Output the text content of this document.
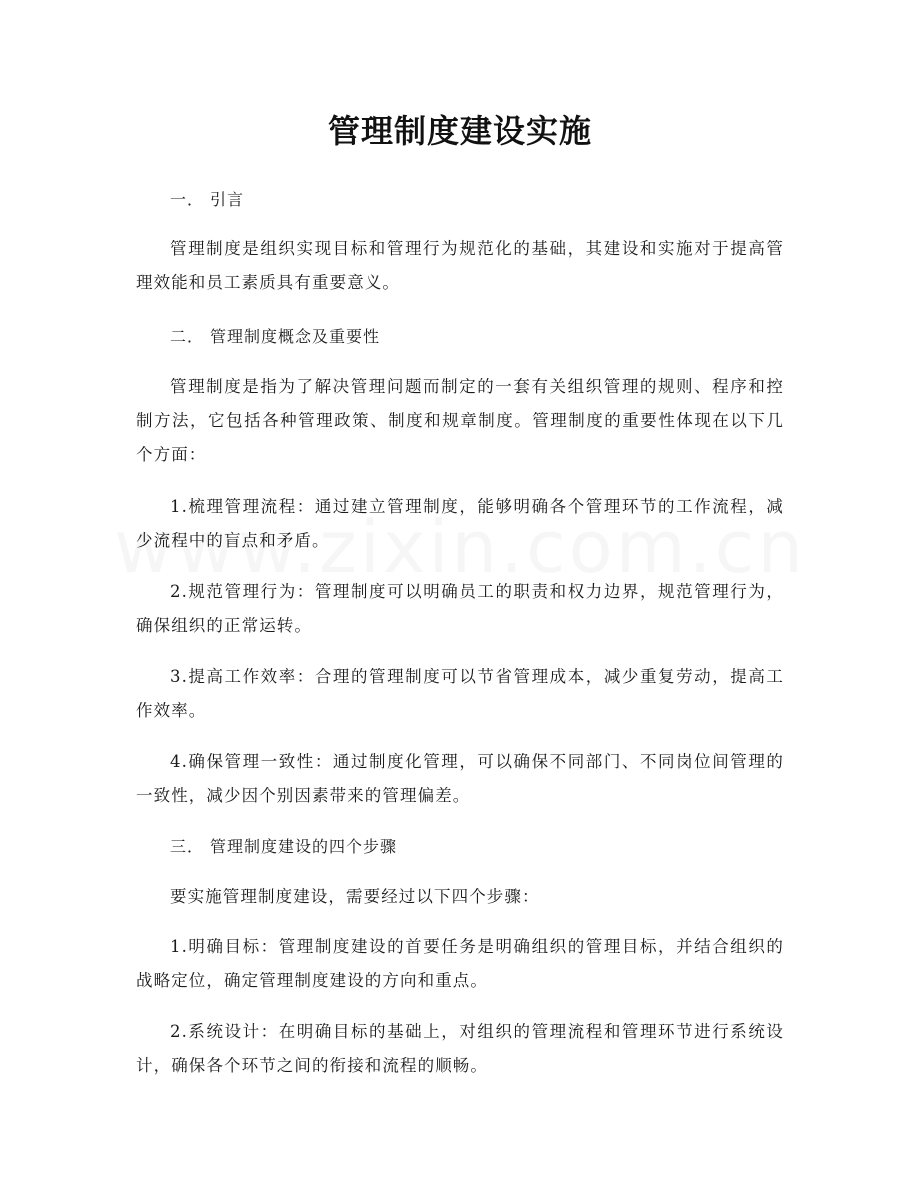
管理制度建设实施

一． 引言

管理制度是组织实现目标和管理行为规范化的基础，其建设和实施对于提高管理效能和员工素质具有重要意义。

二． 管理制度概念及重要性

管理制度是指为了解决管理问题而制定的一套有关组织管理的规则、程序和控制方法，它包括各种管理政策、制度和规章制度。管理制度的重要性体现在以下几个方面：

1.梳理管理流程：通过建立管理制度，能够明确各个管理环节的工作流程，减少流程中的盲点和矛盾。

2.规范管理行为：管理制度可以明确员工的职责和权力边界，规范管理行为，确保组织的正常运转。

3.提高工作效率：合理的管理制度可以节省管理成本，减少重复劳动，提高工作效率。

4.确保管理一致性：通过制度化管理，可以确保不同部门、不同岗位间管理的一致性，减少因个别因素带来的管理偏差。

三． 管理制度建设的四个步骤

要实施管理制度建设，需要经过以下四个步骤：

1.明确目标：管理制度建设的首要任务是明确组织的管理目标，并结合组织的战略定位，确定管理制度建设的方向和重点。

2.系统设计：在明确目标的基础上，对组织的管理流程和管理环节进行系统设计，确保各个环节之间的衔接和流程的顺畅。
